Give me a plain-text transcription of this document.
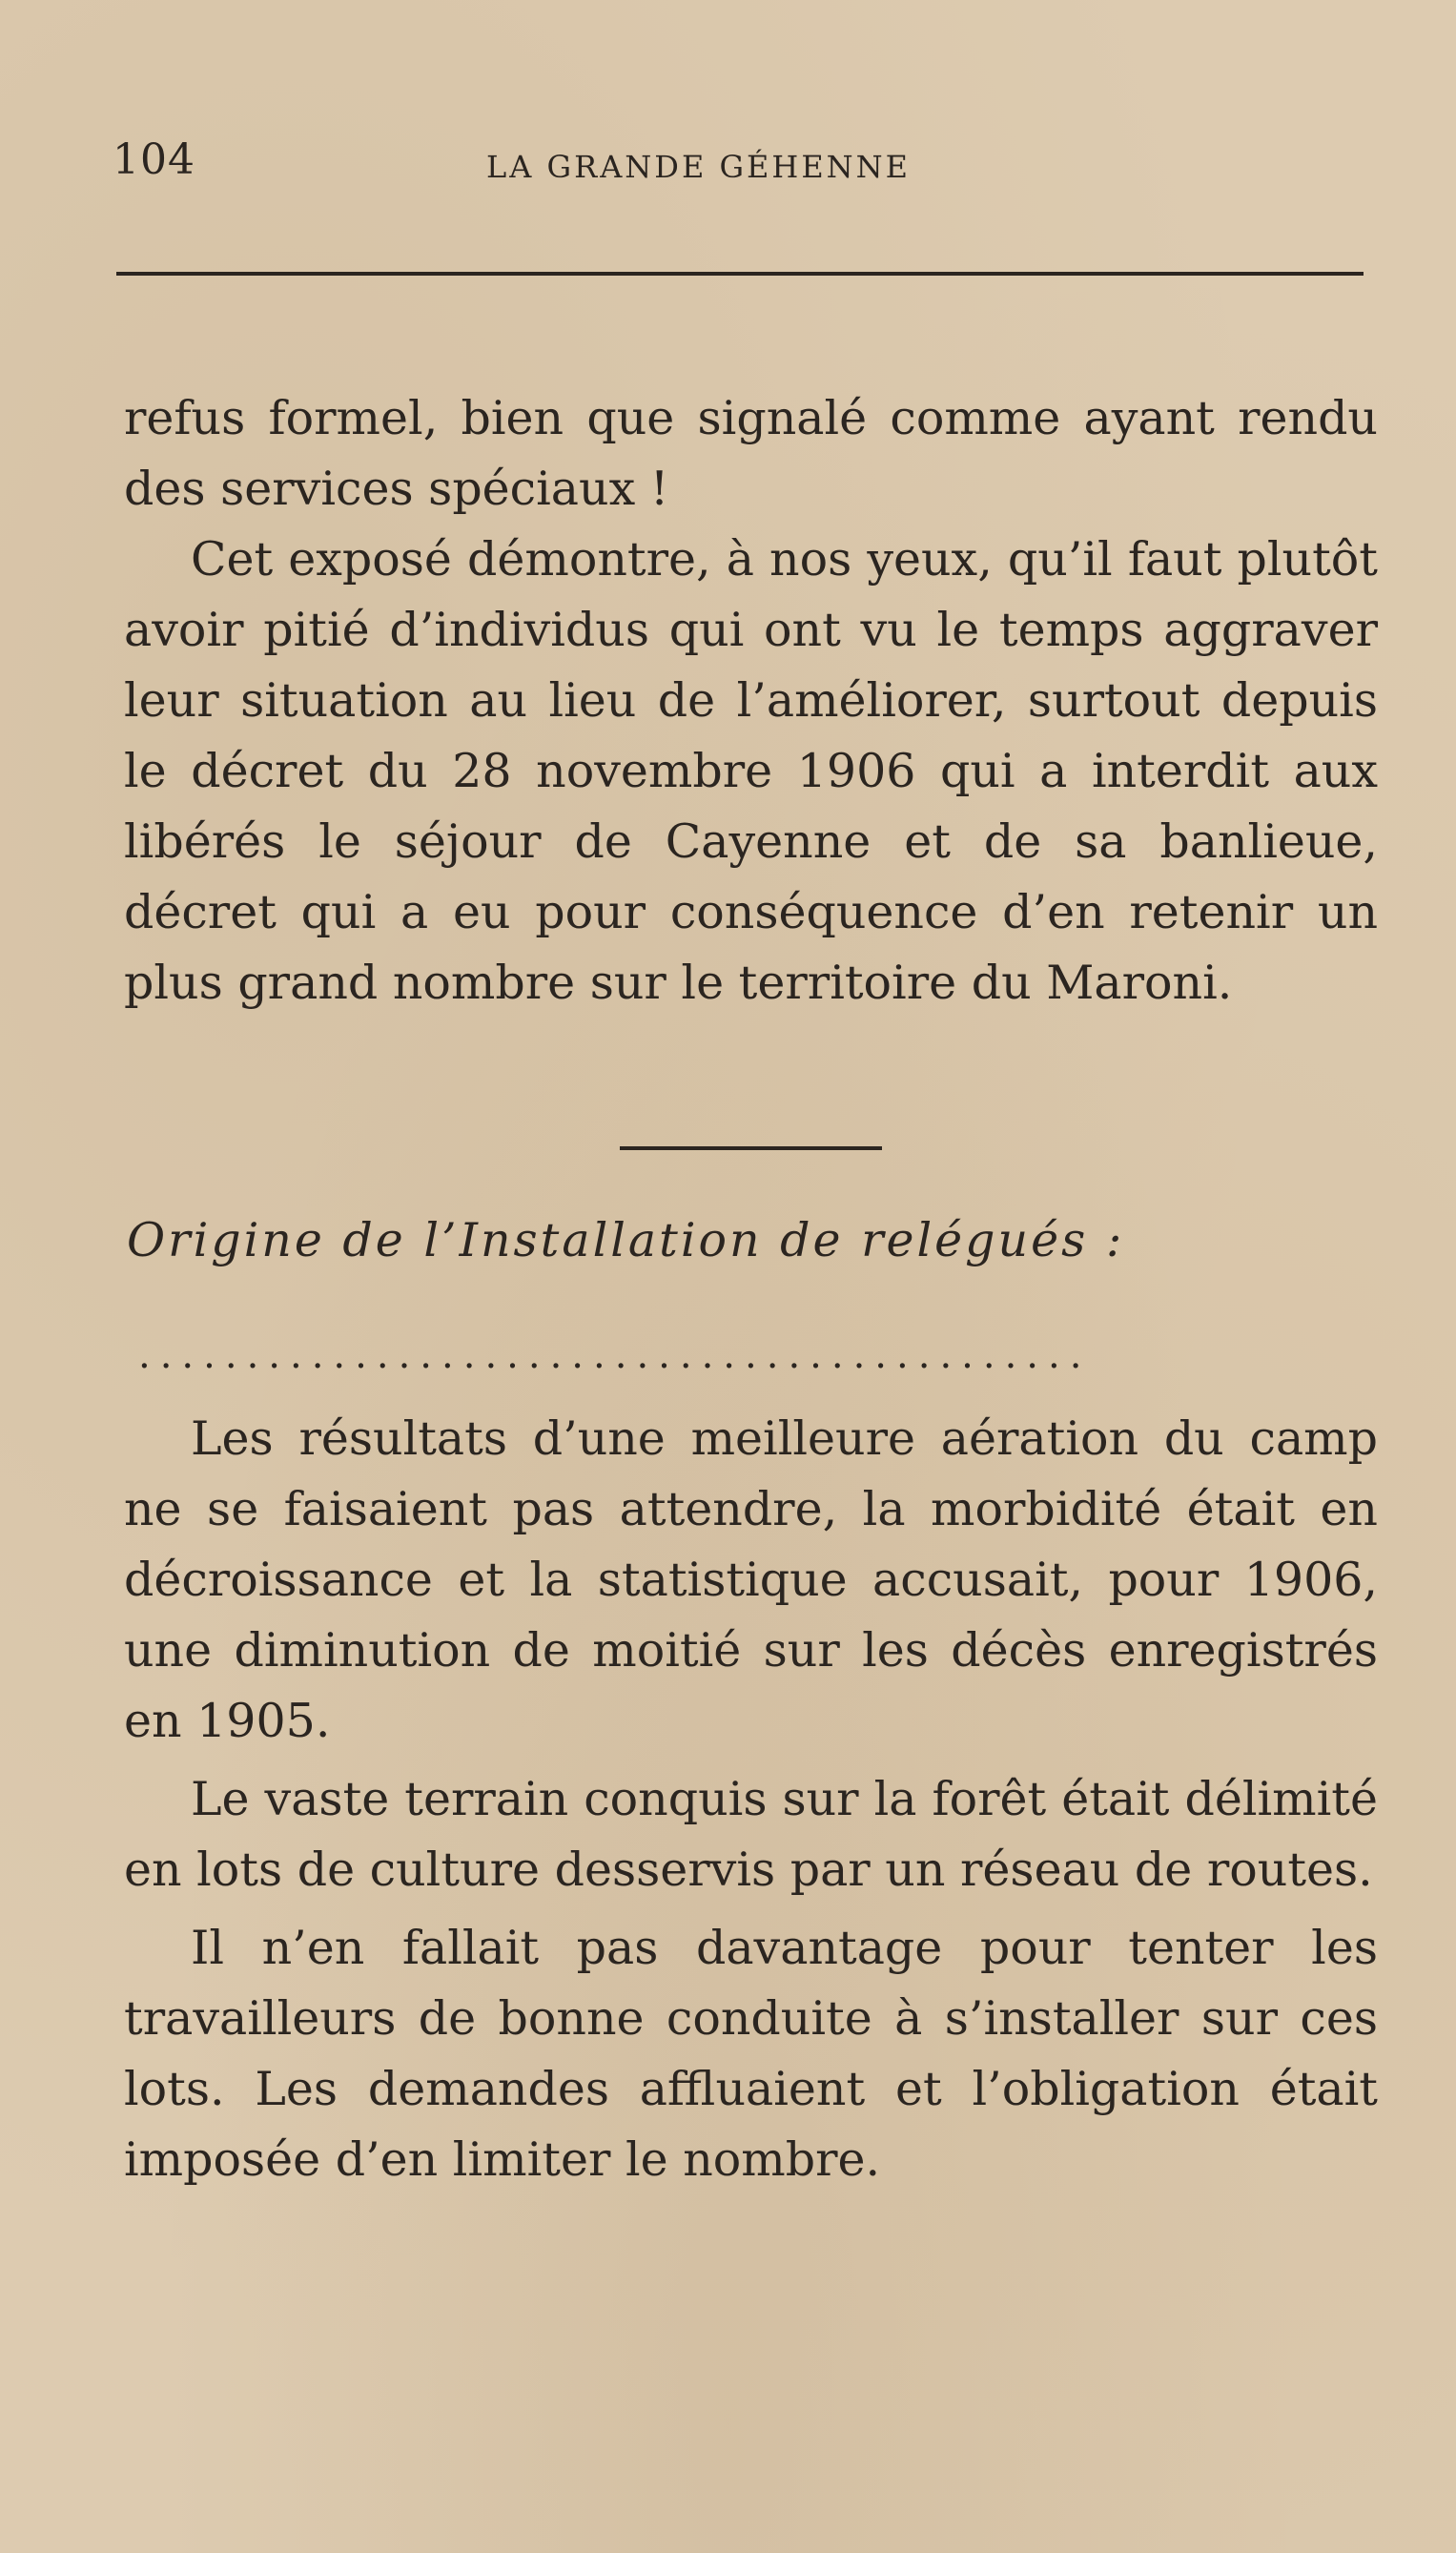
104	LA GRANDE GÉHENNE

refus formel, bien que signalé comme ayant rendu des services spéciaux !

Cet exposé démontre, à nos yeux, qu’il faut plutôt avoir pitié d’individus qui ont vu le temps aggraver leur situation au lieu de l’améliorer, surtout depuis le décret du 28 novembre 1906 qui a interdit aux libérés le séjour de Cayenne et de sa banlieue, décret qui a eu pour conséquence d’en retenir un plus grand nombre sur le territoire du Maroni.

Origine de l’Installation de relégués :
............................................

Les résultats d’une meilleure aération du camp ne se faisaient pas attendre, la morbidité était en décroissance et la statistique accusait, pour 1906, une diminution de moitié sur les décès enregistrés en 1905.

Le vaste terrain conquis sur la forêt était délimité en lots de culture desservis par un réseau de routes.

Il n’en fallait pas davantage pour tenter les travailleurs de bonne conduite à s’installer sur ces lots. Les demandes affluaient et l’obligation était imposée d’en limiter le nombre.
